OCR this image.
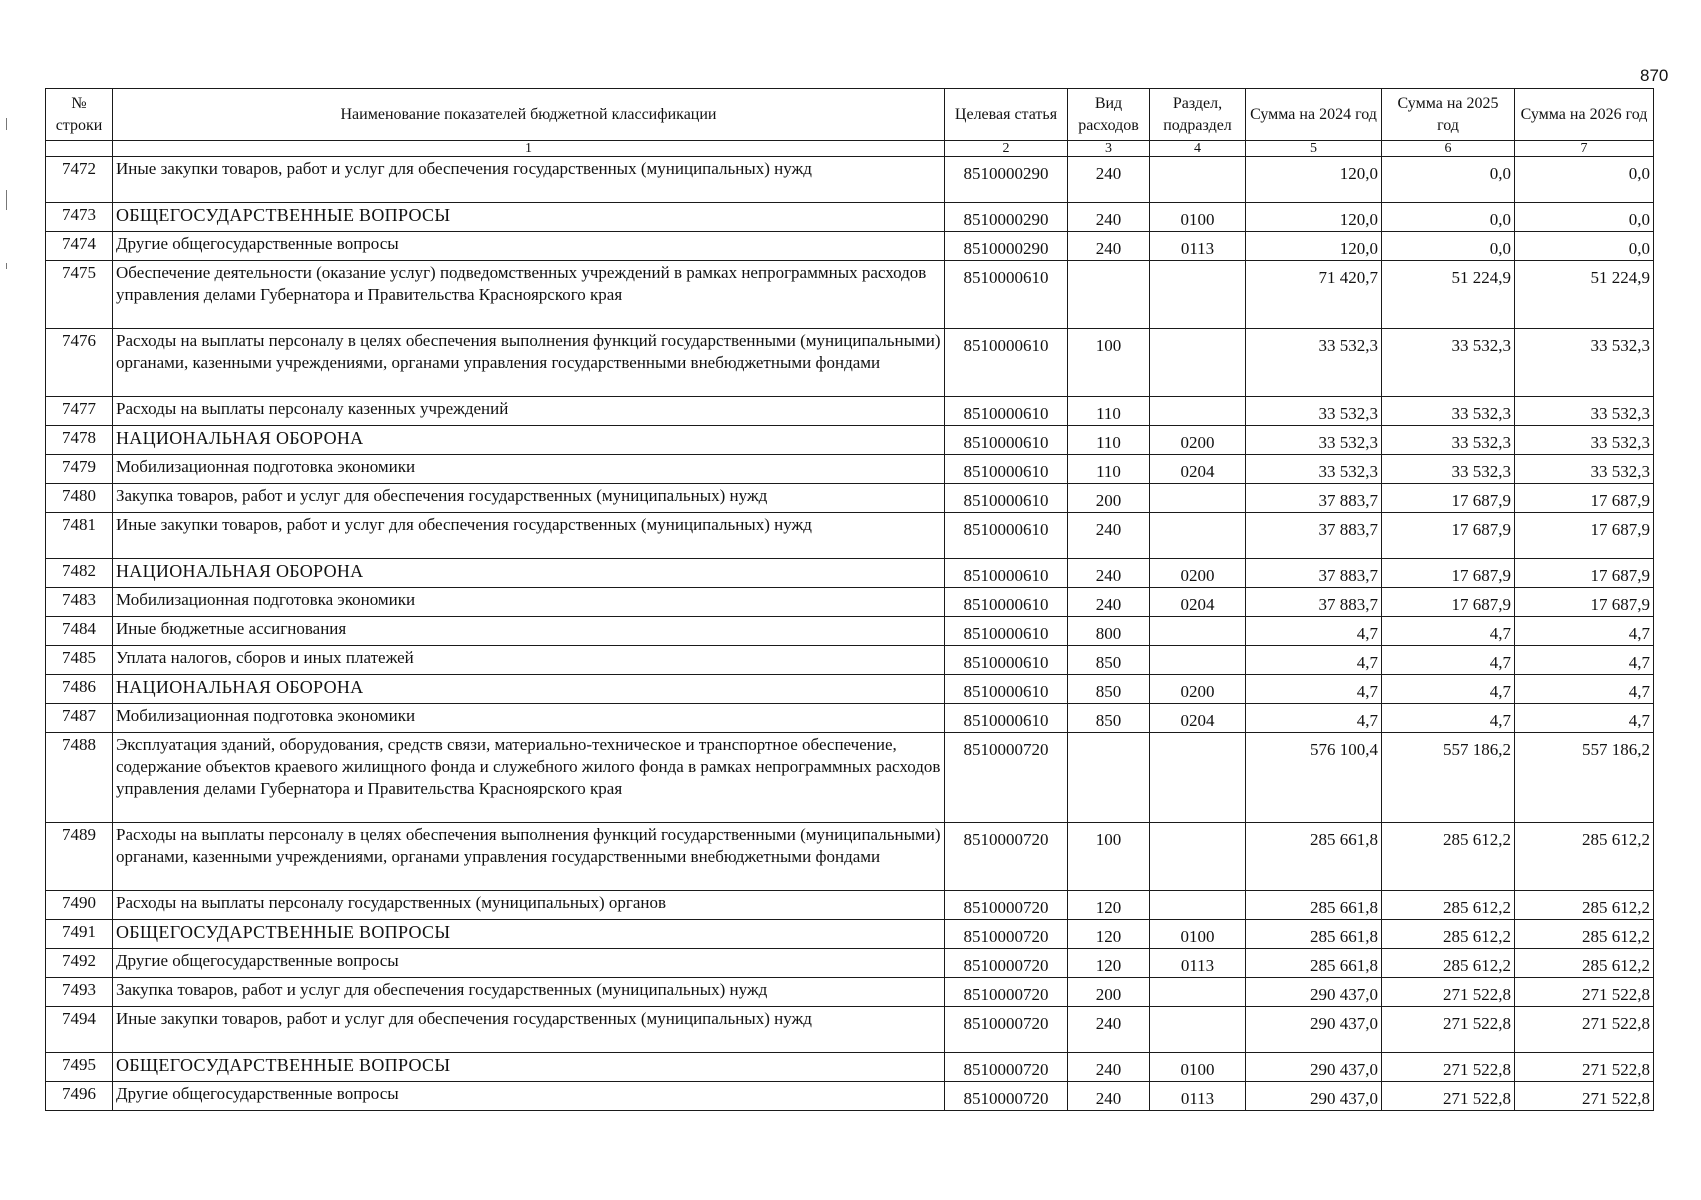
870
№ строки	Наименование показателей бюджетной классификации	Целевая статья	Вид расходов	Раздел, подраздел	Сумма на 2024 год	Сумма на 2025 год	Сумма на 2026 год
	1	2	3	4	5	6	7
7472	Иные закупки товаров, работ и услуг для обеспечения государственных (муниципальных) нужд	8510000290	240		120,0	0,0	0,0
7473	ОБЩЕГОСУДАРСТВЕННЫЕ ВОПРОСЫ	8510000290	240	0100	120,0	0,0	0,0
7474	Другие общегосударственные вопросы	8510000290	240	0113	120,0	0,0	0,0
7475	Обеспечение деятельности (оказание услуг) подведомственных учреждений в рамках непрограммных расходов управления делами Губернатора и Правительства Красноярского края	8510000610			71 420,7	51 224,9	51 224,9
7476	Расходы на выплаты персоналу в целях обеспечения выполнения функций государственными (муниципальными) органами, казенными учреждениями, органами управления государственными внебюджетными фондами	8510000610	100		33 532,3	33 532,3	33 532,3
7477	Расходы на выплаты персоналу казенных учреждений	8510000610	110		33 532,3	33 532,3	33 532,3
7478	НАЦИОНАЛЬНАЯ ОБОРОНА	8510000610	110	0200	33 532,3	33 532,3	33 532,3
7479	Мобилизационная подготовка экономики	8510000610	110	0204	33 532,3	33 532,3	33 532,3
7480	Закупка товаров, работ и услуг для обеспечения государственных (муниципальных) нужд	8510000610	200		37 883,7	17 687,9	17 687,9
7481	Иные закупки товаров, работ и услуг для обеспечения государственных (муниципальных) нужд	8510000610	240		37 883,7	17 687,9	17 687,9
7482	НАЦИОНАЛЬНАЯ ОБОРОНА	8510000610	240	0200	37 883,7	17 687,9	17 687,9
7483	Мобилизационная подготовка экономики	8510000610	240	0204	37 883,7	17 687,9	17 687,9
7484	Иные бюджетные ассигнования	8510000610	800		4,7	4,7	4,7
7485	Уплата налогов, сборов и иных платежей	8510000610	850		4,7	4,7	4,7
7486	НАЦИОНАЛЬНАЯ ОБОРОНА	8510000610	850	0200	4,7	4,7	4,7
7487	Мобилизационная подготовка экономики	8510000610	850	0204	4,7	4,7	4,7
7488	Эксплуатация зданий, оборудования, средств связи, материально-техническое и транспортное обеспечение, содержание объектов краевого жилищного фонда и служебного жилого фонда в рамках непрограммных расходов управления делами Губернатора и Правительства Красноярского края	8510000720			576 100,4	557 186,2	557 186,2
7489	Расходы на выплаты персоналу в целях обеспечения выполнения функций государственными (муниципальными) органами, казенными учреждениями, органами управления государственными внебюджетными фондами	8510000720	100		285 661,8	285 612,2	285 612,2
7490	Расходы на выплаты персоналу государственных (муниципальных) органов	8510000720	120		285 661,8	285 612,2	285 612,2
7491	ОБЩЕГОСУДАРСТВЕННЫЕ ВОПРОСЫ	8510000720	120	0100	285 661,8	285 612,2	285 612,2
7492	Другие общегосударственные вопросы	8510000720	120	0113	285 661,8	285 612,2	285 612,2
7493	Закупка товаров, работ и услуг для обеспечения государственных (муниципальных) нужд	8510000720	200		290 437,0	271 522,8	271 522,8
7494	Иные закупки товаров, работ и услуг для обеспечения государственных (муниципальных) нужд	8510000720	240		290 437,0	271 522,8	271 522,8
7495	ОБЩЕГОСУДАРСТВЕННЫЕ ВОПРОСЫ	8510000720	240	0100	290 437,0	271 522,8	271 522,8
7496	Другие общегосударственные вопросы	8510000720	240	0113	290 437,0	271 522,8	271 522,8
